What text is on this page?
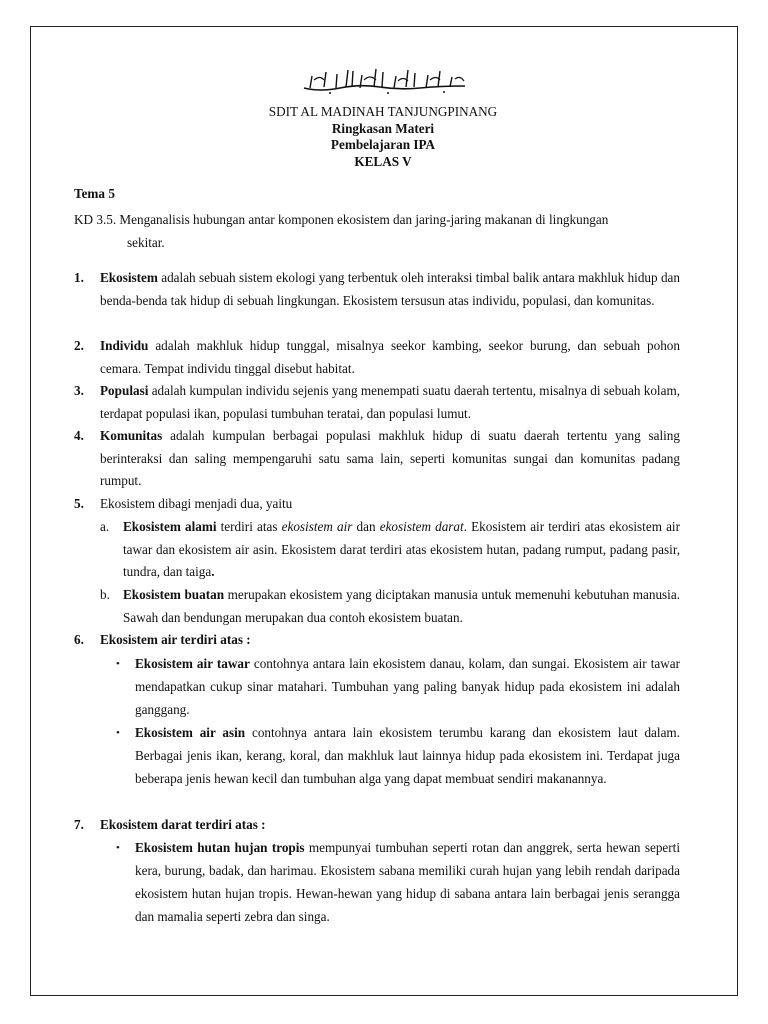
SDIT AL MADINAH TANJUNGPINANG
Ringkasan Materi
Pembelajaran IPA
KELAS V
Tema 5
KD 3.5. Menganalisis hubungan antar komponen ekosistem dan jaring-jaring makanan di lingkungan
sekitar.
1.	Ekosistem adalah sebuah sistem ekologi yang terbentuk oleh interaksi timbal balik antara makhluk hidup dan benda-benda tak hidup di sebuah lingkungan. Ekosistem tersusun atas individu, populasi, dan komunitas.
2.	Individu adalah makhluk hidup tunggal, misalnya seekor kambing, seekor burung, dan sebuah pohon cemara. Tempat individu tinggal disebut habitat.
3.	Populasi adalah kumpulan individu sejenis yang menempati suatu daerah tertentu, misalnya di sebuah kolam, terdapat populasi ikan, populasi tumbuhan teratai, dan populasi lumut.
4.	Komunitas adalah kumpulan berbagai populasi makhluk hidup di suatu daerah tertentu yang saling berinteraksi dan saling mempengaruhi satu sama lain, seperti komunitas sungai dan komunitas padang rumput.
5.	Ekosistem dibagi menjadi dua, yaitu
a. Ekosistem alami terdiri atas ekosistem air dan ekosistem darat. Ekosistem air terdiri atas ekosistem air tawar dan ekosistem air asin. Ekosistem darat terdiri atas ekosistem hutan, padang rumput, padang pasir, tundra, dan taiga.
b. Ekosistem buatan merupakan ekosistem yang diciptakan manusia untuk memenuhi kebutuhan manusia. Sawah dan bendungan merupakan dua contoh ekosistem buatan.
6.	Ekosistem air terdiri atas :
• Ekosistem air tawar contohnya antara lain ekosistem danau, kolam, dan sungai. Ekosistem air tawar mendapatkan cukup sinar matahari. Tumbuhan yang paling banyak hidup pada ekosistem ini adalah ganggang.
• Ekosistem air asin contohnya antara lain ekosistem terumbu karang dan ekosistem laut dalam. Berbagai jenis ikan, kerang, koral, dan makhluk laut lainnya hidup pada ekosistem ini. Terdapat juga beberapa jenis hewan kecil dan tumbuhan alga yang dapat membuat sendiri makanannya.
7.	Ekosistem darat terdiri atas :
• Ekosistem hutan hujan tropis mempunyai tumbuhan seperti rotan dan anggrek, serta hewan seperti kera, burung, badak, dan harimau. Ekosistem sabana memiliki curah hujan yang lebih rendah daripada ekosistem hutan hujan tropis. Hewan-hewan yang hidup di sabana antara lain berbagai jenis serangga dan mamalia seperti zebra dan singa.
